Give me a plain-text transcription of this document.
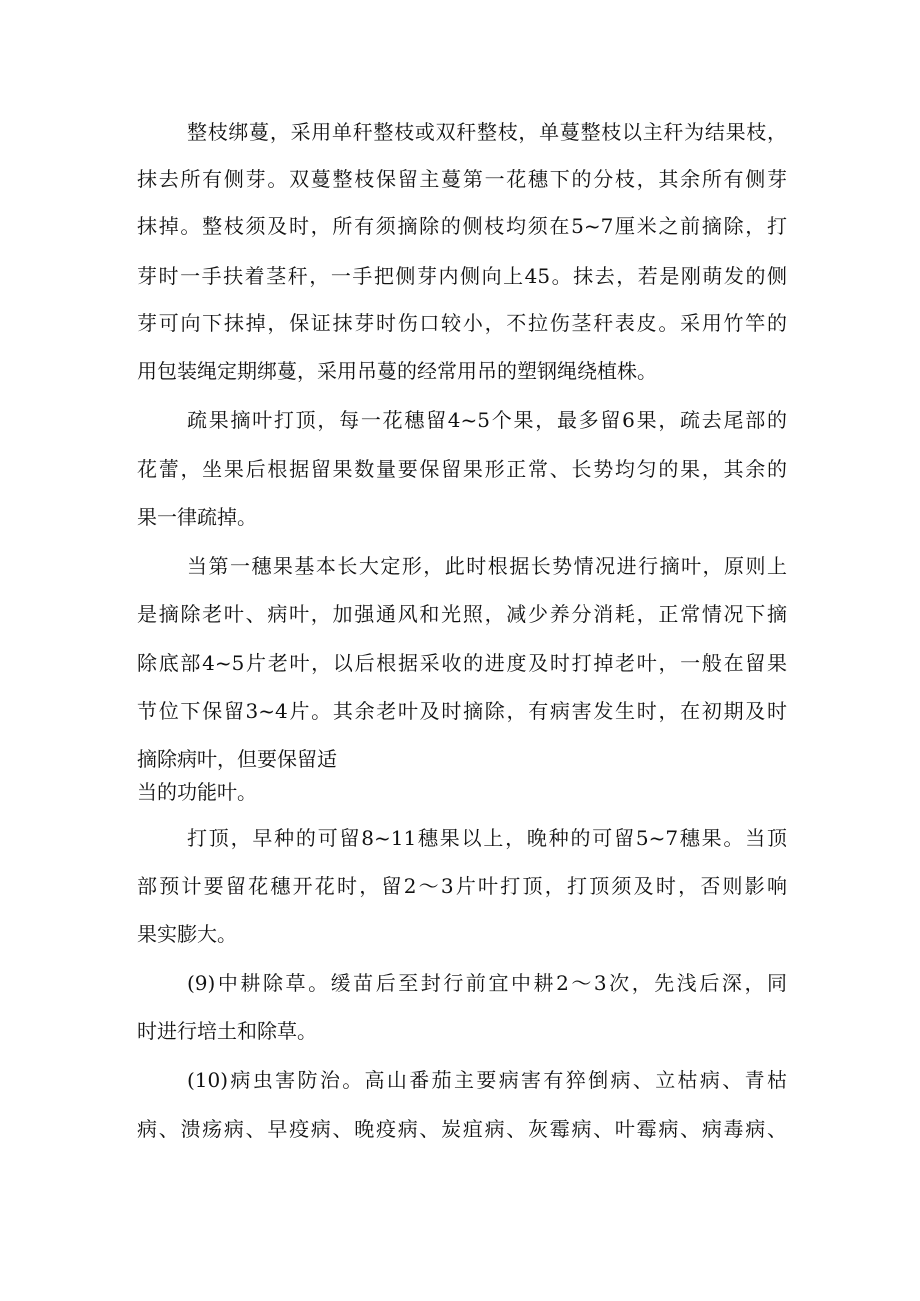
整枝绑蔓，采用单秆整枝或双秆整枝，单蔓整枝以主秆为结果枝，
抹去所有侧芽。双蔓整枝保留主蔓第一花穗下的分枝，其余所有侧芽
抹掉。整枝须及时，所有须摘除的侧枝均须在5~7厘米之前摘除，打
芽时一手扶着茎秆，一手把侧芽内侧向上45。抹去，若是刚萌发的侧
芽可向下抹掉，保证抹芽时伤口较小，不拉伤茎秆表皮。采用竹竿的
用包装绳定期绑蔓，采用吊蔓的经常用吊的塑钢绳绕植株。
疏果摘叶打顶，每一花穗留4~5个果，最多留6果，疏去尾部的
花蕾，坐果后根据留果数量要保留果形正常、长势均匀的果，其余的
果一律疏掉。
当第一穗果基本长大定形，此时根据长势情况进行摘叶，原则上
是摘除老叶、病叶，加强通风和光照，减少养分消耗，正常情况下摘
除底部4~5片老叶，以后根据采收的进度及时打掉老叶，一般在留果
节位下保留3~4片。其余老叶及时摘除，有病害发生时，在初期及时
摘除病叶，但要保留适
当的功能叶。
打顶，早种的可留8~11穗果以上，晚种的可留5~7穗果。当顶
部预计要留花穗开花时，留2～3片叶打顶，打顶须及时，否则影响
果实膨大。
(9)中耕除草。缓苗后至封行前宜中耕2～3次，先浅后深，同
时进行培土和除草。
(10)病虫害防治。高山番茄主要病害有猝倒病、立枯病、青枯
病、溃疡病、早疫病、晚疫病、炭疽病、灰霉病、叶霉病、病毒病、
